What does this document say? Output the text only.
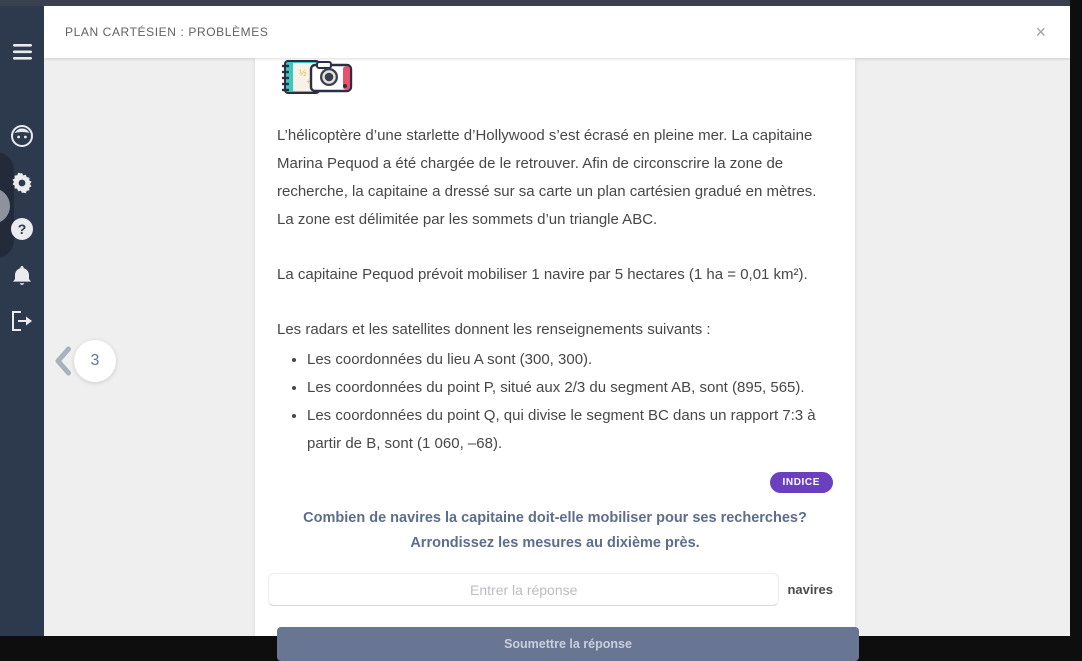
?
PLAN CARTÉSIEN : PROBLÈMES	×
3
½
+

L’hélicoptère d’une starlette d’Hollywood s’est écrasé en pleine mer. La capitaine Marina Pequod a été chargée de le retrouver. Afin de circonscrire la zone de recherche, la capitaine a dressé sur sa carte un plan cartésien gradué en mètres. La zone est délimitée par les sommets d’un triangle ABC.

La capitaine Pequod prévoit mobiliser 1 navire par 5 hectares (1 ha = 0,01 km²).

Les radars et les satellites donnent les renseignements suivants :

• Les coordonnées du lieu A sont (300, 300).
• Les coordonnées du point P, situé aux 2/3 du segment AB, sont (895, 565).
• Les coordonnées du point Q, qui divise le segment BC dans un rapport 7:3 à partir de B, sont (1 060, –68).
INDICE
Combien de navires la capitaine doit-elle mobiliser pour ses recherches?
Arrondissez les mesures au dixième près.
Entrer la réponse
navires
Soumettre la réponse
